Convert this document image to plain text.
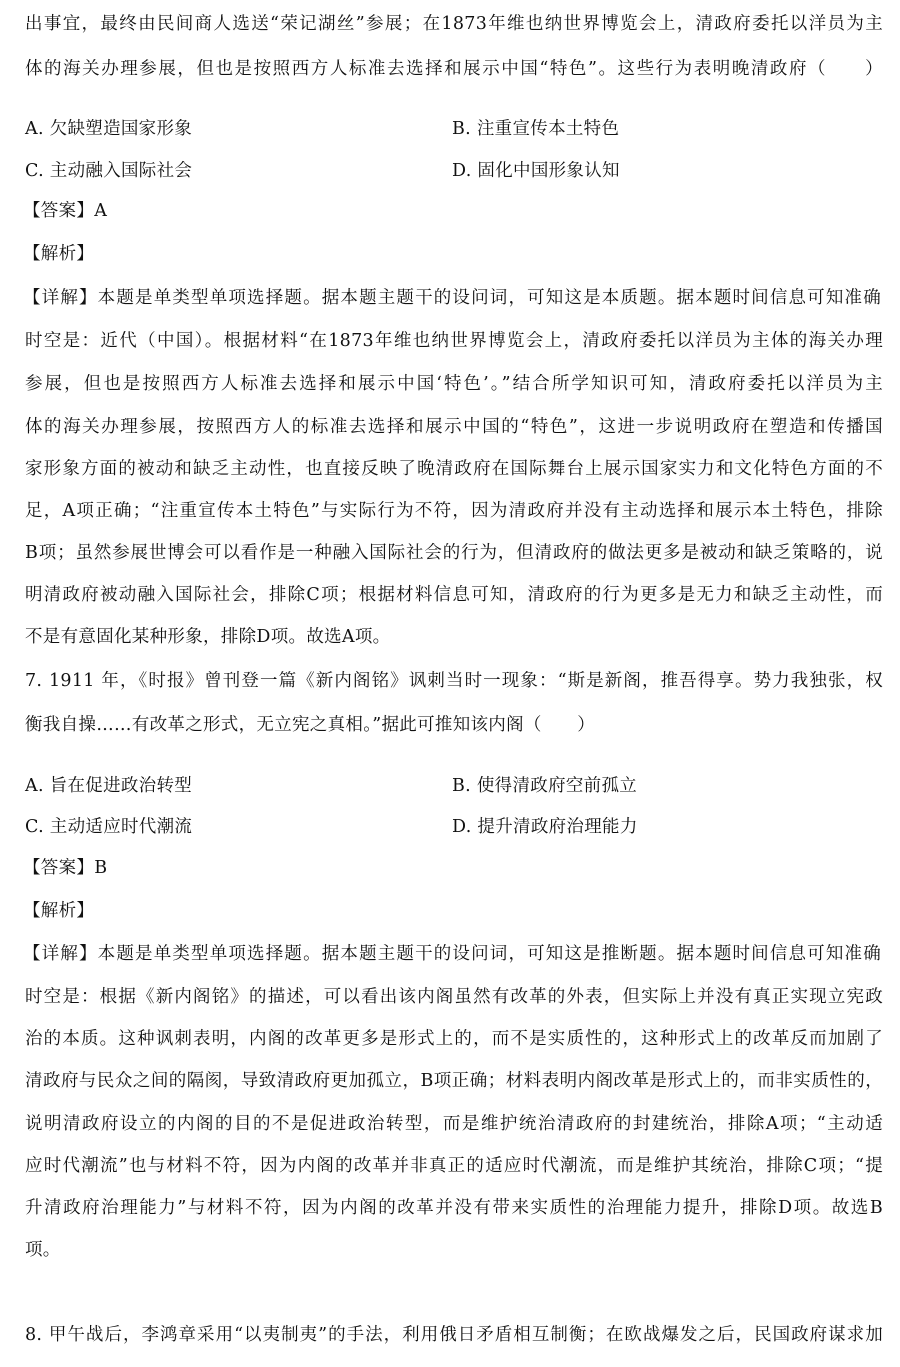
出事宜，最终由民间商人选送“荣记湖丝”参展；在1873年维也纳世界博览会上，清政府委托以洋员为主
体的海关办理参展，但也是按照西方人标准去选择和展示中国“特色”。这些行为表明晚清政府（　　）
A. 欠缺塑造国家形象	B. 注重宣传本土特色
C. 主动融入国际社会	D. 固化中国形象认知
【答案】A
【解析】
【详解】本题是单类型单项选择题。据本题主题干的设问词，可知这是本质题。据本题时间信息可知准确
时空是：近代（中国）。根据材料“在1873年维也纳世界博览会上，清政府委托以洋员为主体的海关办理
参展，但也是按照西方人标准去选择和展示中国‘特色’。”结合所学知识可知，清政府委托以洋员为主
体的海关办理参展，按照西方人的标准去选择和展示中国的“特色”，这进一步说明政府在塑造和传播国
家形象方面的被动和缺乏主动性，也直接反映了晚清政府在国际舞台上展示国家实力和文化特色方面的不
足，A项正确；“注重宣传本土特色”与实际行为不符，因为清政府并没有主动选择和展示本土特色，排除
B项；虽然参展世博会可以看作是一种融入国际社会的行为，但清政府的做法更多是被动和缺乏策略的，说
明清政府被动融入国际社会，排除C项；根据材料信息可知，清政府的行为更多是无力和缺乏主动性，而
不是有意固化某种形象，排除D项。故选A项。
7. 1911 年，《时报》曾刊登一篇《新内阁铭》讽刺当时一现象：“斯是新阁，推吾得享。势力我独张，权
衡我自操……有改革之形式，无立宪之真相。”据此可推知该内阁（　　）
A. 旨在促进政治转型	B. 使得清政府空前孤立
C. 主动适应时代潮流	D. 提升清政府治理能力
【答案】B
【解析】
【详解】本题是单类型单项选择题。据本题主题干的设问词，可知这是推断题。据本题时间信息可知准确
时空是：根据《新内阁铭》的描述，可以看出该内阁虽然有改革的外表，但实际上并没有真正实现立宪政
治的本质。这种讽刺表明，内阁的改革更多是形式上的，而不是实质性的，这种形式上的改革反而加剧了
清政府与民众之间的隔阂，导致清政府更加孤立，B项正确；材料表明内阁改革是形式上的，而非实质性的，
说明清政府设立的内阁的目的不是促进政治转型，而是维护统治清政府的封建统治，排除A项；“主动适
应时代潮流”也与材料不符，因为内阁的改革并非真正的适应时代潮流，而是维护其统治，排除C项；“提
升清政府治理能力”与材料不符，因为内阁的改革并没有带来实质性的治理能力提升，排除D项。故选B
项。
8. 甲午战后，李鸿章采用“以夷制夷”的手法，利用俄日矛盾相互制衡；在欧战爆发之后，民国政府谋求加
